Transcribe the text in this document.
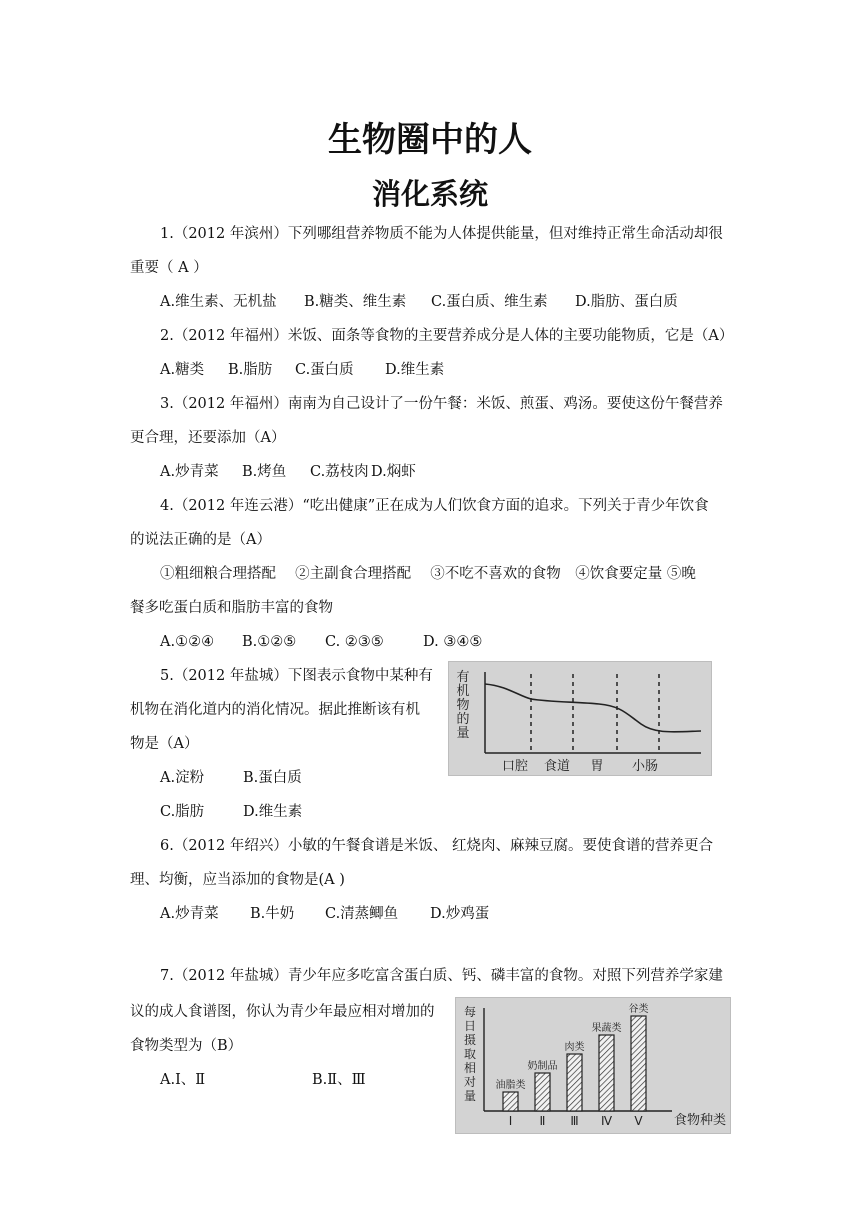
生物圈中的人
消化系统
1.（2012 年滨州）下列哪组营养物质不能为人体提供能量，但对维持正常生命活动却很
重要（ A ）
A.维生素、无机盐 B.糖类、维生素 C.蛋白质、维生素 D.脂肪、蛋白质
2.（2012 年福州）米饭、面条等食物的主要营养成分是人体的主要功能物质，它是（A）
A.糖类 B.脂肪 C.蛋白质 D.维生素
3.（2012 年福州）南南为自己设计了一份午餐：米饭、煎蛋、鸡汤。要使这份午餐营养
更合理，还要添加（A）
A.炒青菜 B.烤鱼 C.荔枝肉 D.焖虾
4.（2012 年连云港）“吃出健康”正在成为人们饮食方面的追求。下列关于青少年饮食
的说法正确的是（A）
①粗细粮合理搭配　 ②主副食合理搭配　 ③不吃不喜欢的食物　④饮食要定量 ⑤晚
餐多吃蛋白质和脂肪丰富的食物
A.①②④ B.①②⑤ C. ②③⑤	D. ③④⑤
5.（2012 年盐城）下图表示食物中某种有
机物在消化道内的消化情况。据此推断该有机
物是（A）
A.淀粉	B.蛋白质
C.脂肪	D.维生素
有
机
物
的
量
口腔 食道 胃 小肠
6.（2012 年绍兴）小敏的午餐食谱是米饭、 红烧肉、麻辣豆腐。要使食谱的营养更合
理、均衡，应当添加的食物是(A )
A.炒青菜 B.牛奶 C.清蒸鲫鱼 D.炒鸡蛋
7.（2012 年盐城）青少年应多吃富含蛋白质、钙、磷丰富的食物。对照下列营养学家建
议的成人食谱图，你认为青少年最应相对增加的
食物类型为（B）
A.Ⅰ、Ⅱ	B.Ⅱ、Ⅲ
每
日
摄
取
相
对
量
食物种类
油脂类
Ⅰ
奶制品
Ⅱ
肉类
Ⅲ
果蔬类
Ⅳ
谷类
Ⅴ
